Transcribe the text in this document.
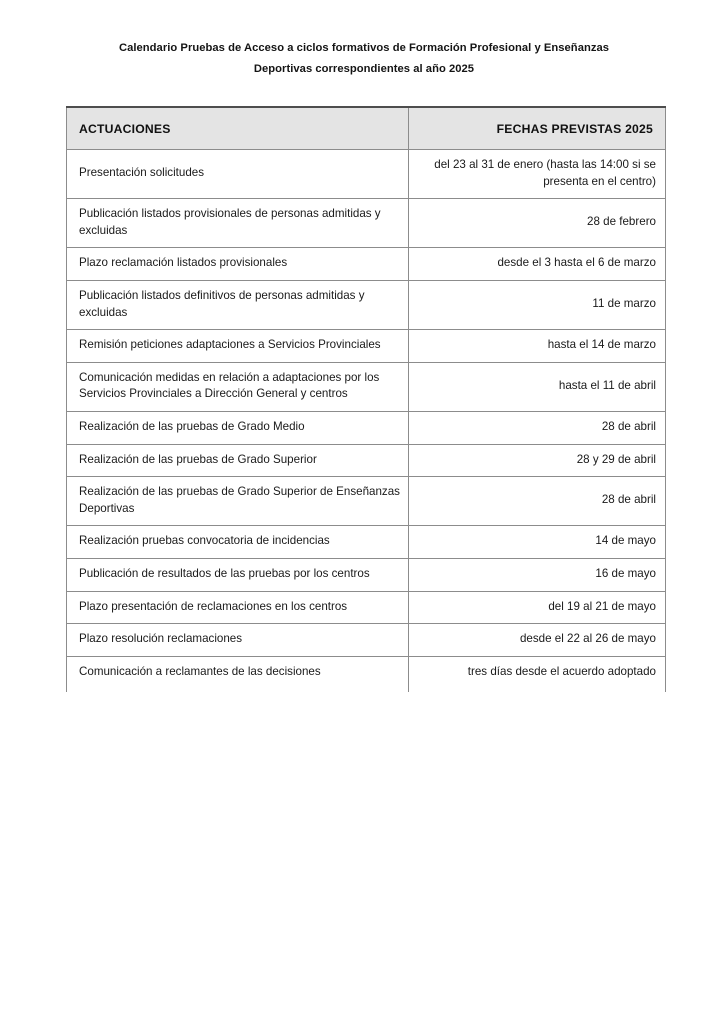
Calendario Pruebas de Acceso a ciclos formativos de Formación Profesional y Enseñanzas
Deportivas correspondientes al año 2025
ACTUACIONES	FECHAS PREVISTAS 2025
Presentación solicitudes	del 23 al 31 de enero (hasta las 14:00 si se presenta en el centro)
Publicación listados provisionales de personas admitidas y excluidas	28 de febrero
Plazo reclamación listados provisionales	desde el 3 hasta el 6 de marzo
Publicación listados definitivos de personas admitidas y excluidas	11 de marzo
Remisión peticiones adaptaciones a Servicios Provinciales	hasta el 14 de marzo
Comunicación medidas en relación a adaptaciones por los Servicios Provinciales a Dirección General y centros	hasta el 11 de abril
Realización de las pruebas de Grado Medio	28 de abril
Realización de las pruebas de Grado Superior	28 y 29 de abril
Realización de las pruebas de Grado Superior de Enseñanzas Deportivas	28 de abril
Realización pruebas convocatoria de incidencias	14 de mayo
Publicación de resultados de las pruebas por los centros	16 de mayo
Plazo presentación de reclamaciones en los centros	del 19 al 21 de mayo
Plazo resolución reclamaciones	desde el 22 al 26 de mayo
Comunicación a reclamantes de las decisiones	tres días desde el acuerdo adoptado
